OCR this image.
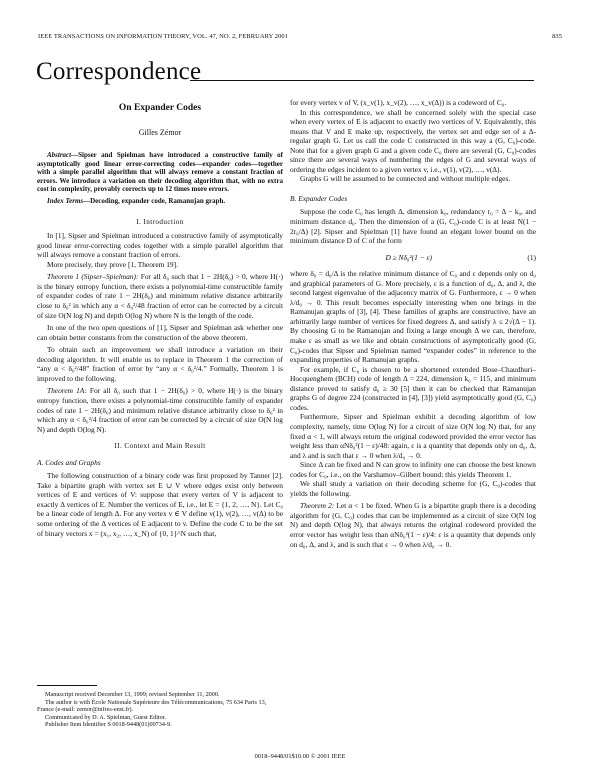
IEEE TRANSACTIONS ON INFORMATION THEORY, VOL. 47, NO. 2, FEBRUARY 2001	835
Correspondence

On Expander Codes

Gilles Zémor

Abstract—Sipser and Spielman have introduced a constructive family of asymptotically good linear error-correcting codes—expander codes—together with a simple parallel algorithm that will always remove a constant fraction of errors. We introduce a variation on their decoding algorithm that, with no extra cost in complexity, provably corrects up to 12 times more errors.

Index Terms—Decoding, expander code, Ramanujan graph.

I. Introduction

In [1], Sipser and Spielman introduced a constructive family of asymptotically good linear error-correcting codes together with a simple parallel algorithm that will always remove a constant fraction of errors.

More precisely, they prove [1, Theorem 19].

Theorem 1 (Sipser–Spielman): For all δ₀ such that 1 − 2H(δ₀) > 0, where H(·) is the binary entropy function, there exists a polynomial-time constructible family of expander codes of rate 1 − 2H(δ₀) and minimum relative distance arbitrarily close to δ₀² in which any α < δ₀²/48 fraction of error can be corrected by a circuit of size O(N log N) and depth O(log N) where N is the length of the code.

In one of the two open questions of [1], Sipser and Spielman ask whether one can obtain better constants from the construction of the above theorem.

To obtain such an improvement we shall introduce a variation on their decoding algorithm. It will enable us to replace in Theorem 1 the correction of “any α < δ₀²/48” fraction of error by “any α < δ₀²/4.” Formally, Theorem 1 is improved to the following.

Theorem 1A: For all δ₀ such that 1 − 2H(δ₀) > 0, where H(·) is the binary entropy function, there exists a polynomial-time constructible family of expander codes of rate 1 − 2H(δ₀) and minimum relative distance arbitrarily close to δ₀² in which any α < δ₀²/4 fraction of error can be corrected by a circuit of size O(N log N) and depth O(log N).

II. Context and Main Result

A. Codes and Graphs

The following construction of a binary code was first proposed by Tanner [2]. Take a bipartite graph with vertex set E ∪ V where edges exist only between vertices of E and vertices of V: suppose that every vertex of V is adjacent to exactly Δ vertices of E. Number the vertices of E, i.e., let E = {1, 2, …, N}. Let C₀ be a linear code of length Δ. For any vertex v ∈ V define v(1), v(2), …, v(Δ) to be some ordering of the Δ vertices of E adjacent to v. Define the code C to be the set of binary vectors x = (x₁, x₂, …, x_N) of {0, 1}^N such that,

Manuscript received December 13, 1999; revised September 11, 2000.
The author is with École Nationale Supérieure des Télécommunications, 75 634 Paris 13, France (e-mail: zemor@infres-enst.fr).
Communicated by D. A. Spielman, Guest Editor.
Publisher Item Identifier S 0018-9448(01)00734-9.

for every vertex v of V, (x_v(1), x_v(2), …, x_v(Δ)) is a codeword of C₀.

In this correspondence, we shall be concerned solely with the special case when every vertex of E is adjacent to exactly two vertices of V. Equivalently, this means that V and E make up, respectively, the vertex set and edge set of a Δ-regular graph G. Let us call the code C constructed in this way a (G, C₀)-code. Note that for a given graph G and a given code C₀ there are several (G, C₀)-codes since there are several ways of numbering the edges of G and several ways of ordering the edges incident to a given vertex v, i.e., v(1), v(2), …, v(Δ).

Graphs G will be assumed to be connected and without multiple edges.

B. Expander Codes

Suppose the code C₀ has length Δ, dimension k₀, redundancy r₀ = Δ − k₀, and minimum distance d₀. Then the dimension of a (G, C₀)-code C is at least N(1 − 2r₀/Δ) [2]. Sipser and Spielman [1] have found an elegant lower bound on the minimum distance D of C of the form

D ≥ Nδ₀²(1 − ε)	(1)

where δ₀ = d₀/Δ is the relative minimum distance of C₀ and ε depends only on d₀ and graphical parameters of G. More precisely, ε is a function of d₀, Δ, and λ, the second largest eigenvalue of the adjacency matrix of G. Furthermore, ε → 0 when λ/d₀ → 0. This result becomes especially interesting when one brings in the Ramanujan graphs of [3], [4]. These families of graphs are constructive, have an arbitrarily large number of vertices for fixed degrees Δ, and satisfy λ ≤ 2√(Δ − 1). By choosing G to be Ramanujan and fixing a large enough Δ we can, therefore, make ε as small as we like and obtain constructions of asymptotically good (G, C₀)-codes that Sipser and Spielman named “expander codes” in reference to the expanding properties of Ramanujan graphs.

For example, if C₀ is chosen to be a shortened extended Bose–Chaudhuri–Hocquenghem (BCH) code of length Δ = 224, dimension k₀ = 115, and minimum distance proved to satisfy d₀ ≥ 30 [5] then it can be checked that Ramanujan graphs G of degree 224 (constructed in [4], [3]) yield asymptotically good (G, C₀) codes.

Furthermore, Sipser and Spielman exhibit a decoding algorithm of low complexity, namely, time O(log N) for a circuit of size O(N log N) that, for any fixed α < 1, will always return the original codeword provided the error vector has weight less than αNδ₀²(1 − ε)/48: again, ε is a quantity that depends only on d₀, Δ, and λ and is such that ε → 0 when λ/d₀ → 0.

Since Δ can be fixed and N can grow to infinity one can choose the best known codes for C₀, i.e., on the Varshamov–Gilbert bound: this yields Theorem 1.

We shall study a variation on their decoding scheme for (G, C₀)-codes that yields the following.

Theorem 2: Let α < 1 be fixed. When G is a bipartite graph there is a decoding algorithm for (G, C₀) codes that can be implemented as a circuit of size O(N log N) and depth O(log N), that always returns the original codeword provided the error vector has weight less than αNδ₀²(1 − ε)/4: ε is a quantity that depends only on d₀, Δ, and λ, and is such that ε → 0 when λ/d₀ → 0.

0018–9448/01$10.00 © 2001 IEEE
